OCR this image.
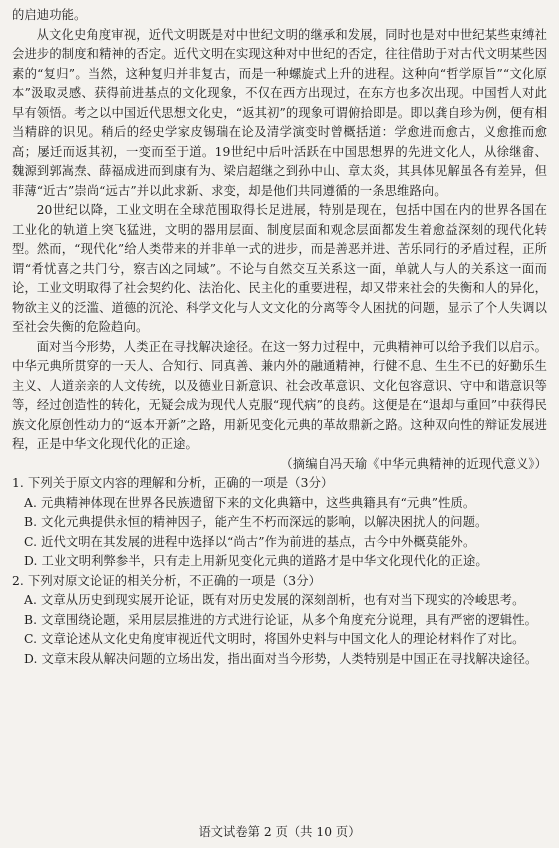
的启迪功能。

从文化史角度审视，近代文明既是对中世纪文明的继承和发展，同时也是对中世纪某些束缚社会进步的制度和精神的否定。近代文明在实现这种对中世纪的否定，往往借助于对古代文明某些因素的“复归”。当然，这种复归并非复古，而是一种螺旋式上升的进程。这种向“哲学原旨”“文化原本”汲取灵感、获得前进基点的文化现象，不仅在西方出现过，在东方也多次出现。中国哲人对此早有领悟。考之以中国近代思想文化史，“返其初”的现象可谓俯拾即是。即以龚自珍为例，便有相当精辟的识见。稍后的经史学家皮锡瑞在论及清学演变时曾概括道：学愈进而愈古，义愈推而愈高；屡迁而返其初，一变而至于道。19世纪中后叶活跃在中国思想界的先进文化人，从徐继畬、魏源到郭嵩焘、薛福成进而到康有为、梁启超继之到孙中山、章太炎，其具体见解虽各有差异，但菲薄“近古”崇尚“远古”并以此求新、求变，却是他们共同遵循的一条思维路向。

20世纪以降，工业文明在全球范围取得长足进展，特别是现在，包括中国在内的世界各国在工业化的轨道上突飞猛进，文明的器用层面、制度层面和观念层面都发生着愈益深刻的现代化转型。然而，“现代化”给人类带来的并非单一式的进步，而是善恶并进、苦乐同行的矛盾过程，正所谓“肴忧喜之共门兮，察吉凶之同域”。不论与自然交互关系这一面，单就人与人的关系这一面而论，工业文明取得了社会契约化、法治化、民主化的重要进程，却又带来社会的失衡和人的异化，物欲主义的泛滥、道德的沉沦、科学文化与人文文化的分离等令人困扰的问题，显示了个人失调以至社会失衡的危险趋向。

面对当今形势，人类正在寻找解决途径。在这一努力过程中，元典精神可以给予我们以启示。中华元典所贯穿的一天人、合知行、同真善、兼内外的融通精神，行健不息、生生不已的好勤乐生主义、人道亲亲的人文传统，以及德业日新意识、社会改革意识、文化包容意识、守中和谐意识等等，经过创造性的转化，无疑会成为现代人克服“现代病”的良药。这便是在“退却与重回”中获得民族文化原创性动力的“返本开新”之路，用新见变化元典的革故鼎新之路。这种双向性的辩证发展进程，正是中华文化现代化的正途。

（摘编自冯天瑜《中华元典精神的近现代意义》）

1. 下列关于原文内容的理解和分析，正确的一项是（3分）

A. 元典精神体现在世界各民族遗留下来的文化典籍中，这些典籍具有“元典”性质。

B. 文化元典提供永恒的精神因子，能产生不朽而深远的影响，以解决困扰人的问题。

C. 近代文明在其发展的进程中选择以“尚古”作为前进的基点，古今中外概莫能外。

D. 工业文明利弊参半，只有走上用新见变化元典的道路才是中华文化现代化的正途。

2. 下列对原文论证的相关分析，不正确的一项是（3分）

A. 文章从历史到现实展开论证，既有对历史发展的深刻剖析，也有对当下现实的冷峻思考。

B. 文章围绕论题，采用层层推进的方式进行论证，从多个角度充分说理，具有严密的逻辑性。

C. 文章论述从文化史角度审视近代文明时，将国外史料与中国文化人的理论材料作了对比。

D. 文章末段从解决问题的立场出发，指出面对当今形势，人类特别是中国正在寻找解决途径。

语文试卷第 2 页（共 10 页）
